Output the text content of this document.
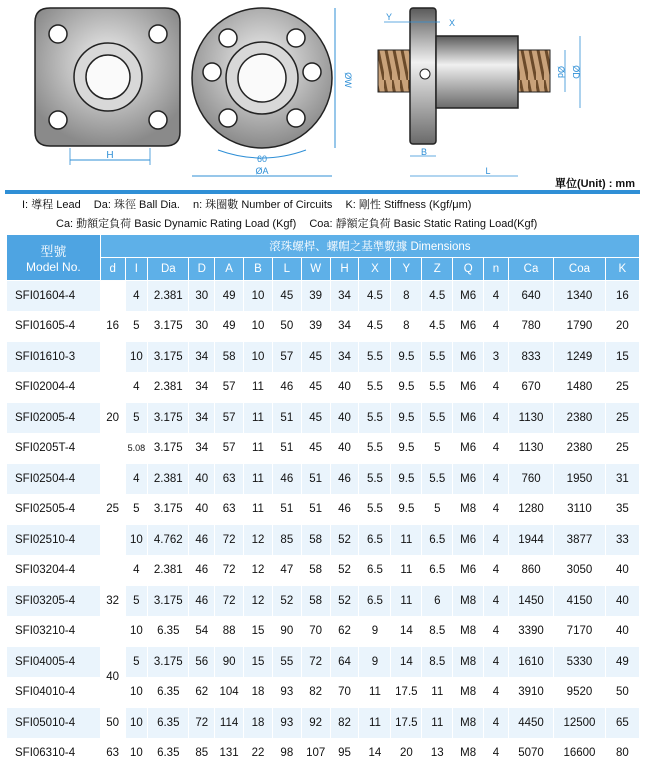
H
ØW
60
ØA
X
Y
B
L
Ød ØD
單位(Unit) : mm
I: 導程 Lead Da: 珠徑 Ball Dia. n: 珠圈數 Number of Circuits K: 剛性 Stiffness (Kgf/μm)
Ca: 動額定負荷 Basic Dynamic Rating Load (Kgf) Coa: 靜額定負荷 Basic Static Rating Load(Kgf)
型號
Model No.	滾珠螺桿、螺帽之基準數據 Dimensions																
	d	I	Da	D	A	B	L	W	H	X	Y	Z	Q	n	Ca	Coa	K
SFI01604-4	16	4	2.381	30	49	10	45	39	34	4.5	8	4.5	M6	4	640	1340	16
SFI01605-4		5	3.175	30	49	10	50	39	34	4.5	8	4.5	M6	4	780	1790	20
SFI01610-3		10	3.175	34	58	10	57	45	34	5.5	9.5	5.5	M6	3	833	1249	15
SFI02004-4	20	4	2.381	34	57	11	46	45	40	5.5	9.5	5.5	M6	4	670	1480	25
SFI02005-4		5	3.175	34	57	11	51	45	40	5.5	9.5	5.5	M6	4	1130	2380	25
SFI0205T-4		5.08	3.175	34	57	11	51	45	40	5.5	9.5	5	M6	4	1130	2380	25
SFI02504-4	25	4	2.381	40	63	11	46	51	46	5.5	9.5	5.5	M6	4	760	1950	31
SFI02505-4		5	3.175	40	63	11	51	51	46	5.5	9.5	5	M8	4	1280	3110	35
SFI02510-4		10	4.762	46	72	12	85	58	52	6.5	11	6.5	M6	4	1944	3877	33
SFI03204-4	32	4	2.381	46	72	12	47	58	52	6.5	11	6.5	M6	4	860	3050	40
SFI03205-4		5	3.175	46	72	12	52	58	52	6.5	11	6	M8	4	1450	4150	40
SFI03210-4		10	6.35	54	88	15	90	70	62	9	14	8.5	M8	4	3390	7170	40
SFI04005-4	40	5	3.175	56	90	15	55	72	64	9	14	8.5	M8	4	1610	5330	49
SFI04010-4		10	6.35	62	104	18	93	82	70	11	17.5	11	M8	4	3910	9520	50
SFI05010-4	50	10	6.35	72	114	18	93	92	82	11	17.5	11	M8	4	4450	12500	65
SFI06310-4	63	10	6.35	85	131	22	98	107	95	14	20	13	M8	4	5070	16600	80
